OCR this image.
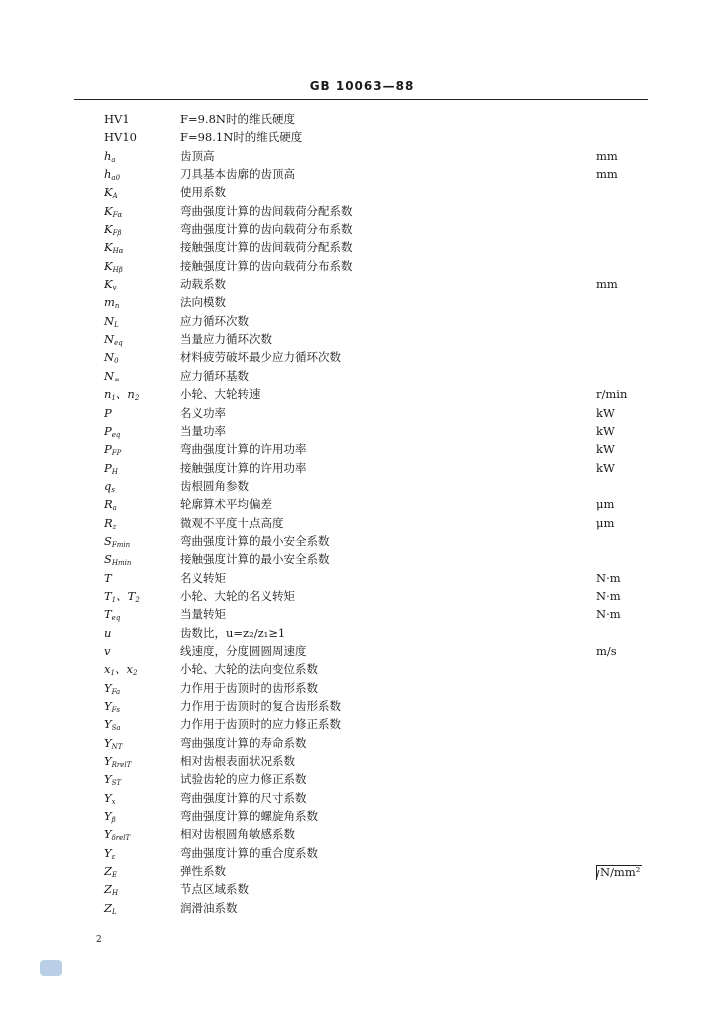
GB 10063—88
HV1	F=9.8N时的维氏硬度
HV10	F=98.1N时的维氏硬度
$h_a$	齿顶高	mm
$h_{a0}$	刀具基本齿廓的齿顶高	mm
$K_A$	使用系数
$K_{F\alpha}$	弯曲强度计算的齿间载荷分配系数
$K_{F\beta}$	弯曲强度计算的齿向载荷分布系数
$K_{H\alpha}$	接触强度计算的齿间载荷分配系数
$K_{H\beta}$	接触强度计算的齿向载荷分布系数
$K_v$	动载系数	mm
$m_n$	法向模数
$N_L$	应力循环次数
$N_{eq}$	当量应力循环次数
$N_0$	材料疲劳破坏最少应力循环次数
$N_\infty$	应力循环基数
$n_1$、$n_2$	小轮、大轮转速	r/min
P	名义功率	kW
$P_{eq}$	当量功率	kW
$P_{FP}$	弯曲强度计算的许用功率	kW
$P_H$	接触强度计算的许用功率	kW
$q_s$	齿根圆角参数
$R_a$	轮廓算术平均偏差	μm
$R_z$	微观不平度十点高度	μm
$S_{Fmin}$	弯曲强度计算的最小安全系数
$S_{Hmin}$	接触强度计算的最小安全系数
T	名义转矩	N·m
$T_1$、$T_2$	小轮、大轮的名义转矩	N·m
$T_{eq}$	当量转矩	N·m
u	齿数比，u=z₂/z₁≥1
v	线速度，分度圆圆周速度	m/s
$x_1$、$x_2$	小轮、大轮的法向变位系数
$Y_{Fa}$	力作用于齿顶时的齿形系数
$Y_{Fs}$	力作用于齿顶时的复合齿形系数
$Y_{Sa}$	力作用于齿顶时的应力修正系数
$Y_{NT}$	弯曲强度计算的寿命系数
$Y_{RrelT}$	相对齿根表面状况系数
$Y_{ST}$	试验齿轮的应力修正系数
$Y_x$	弯曲强度计算的尺寸系数
$Y_\beta$	弯曲强度计算的螺旋角系数
$Y_{\delta relT}$	相对齿根圆角敏感系数
$Y_\varepsilon$	弯曲强度计算的重合度系数
$Z_E$	弹性系数	N/mm²
$Z_H$	节点区域系数
$Z_L$	润滑油系数
2
